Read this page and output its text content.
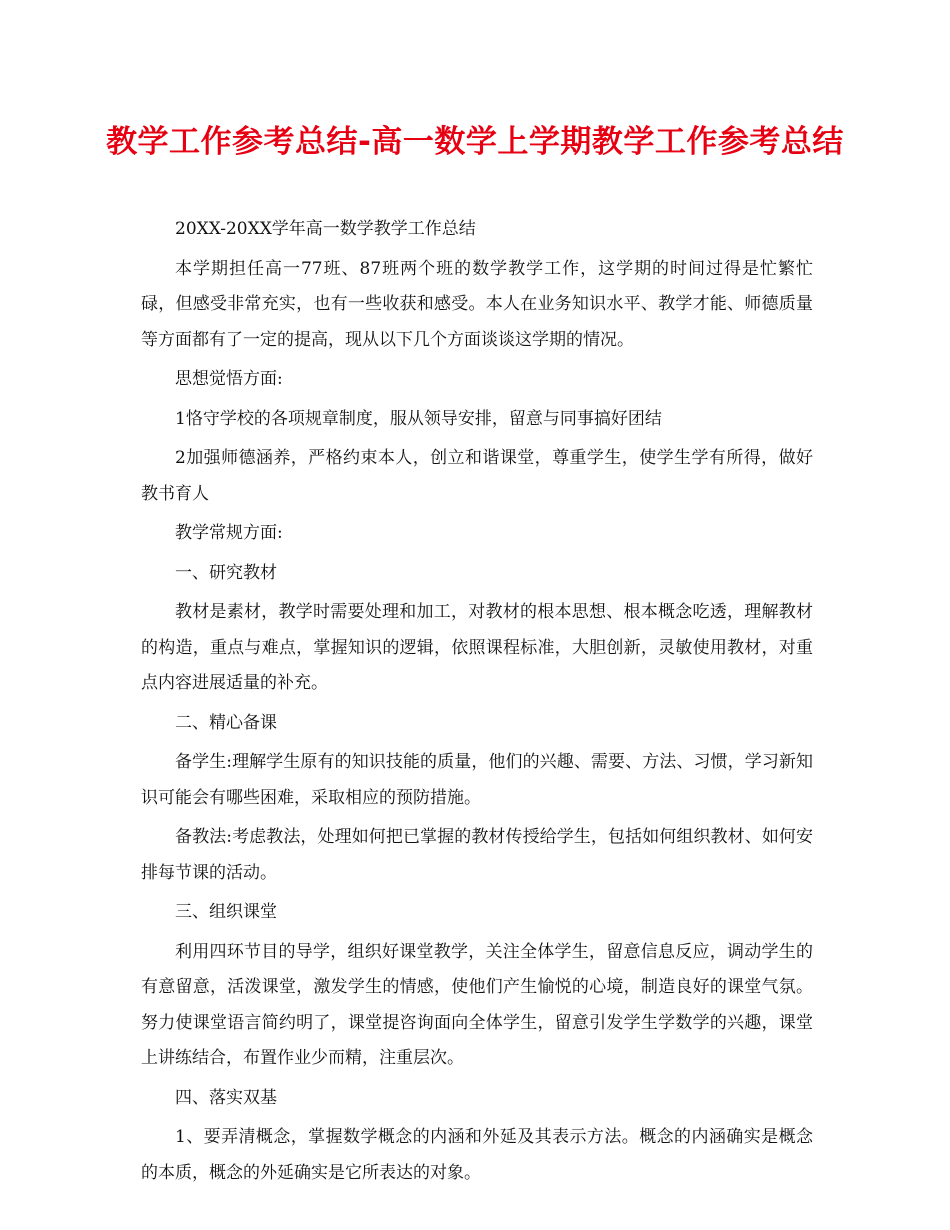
教学工作参考总结-高一数学上学期教学工作参考总结

20XX-20XX学年高一数学教学工作总结

本学期担任高一77班、87班两个班的数学教学工作，这学期的时间过得是忙繁忙碌，但感受非常充实，也有一些收获和感受。本人在业务知识水平、教学才能、师德质量等方面都有了一定的提高，现从以下几个方面谈谈这学期的情况。

思想觉悟方面:

1恪守学校的各项规章制度，服从领导安排，留意与同事搞好团结

2加强师德涵养，严格约束本人，创立和谐课堂，尊重学生，使学生学有所得，做好教书育人

教学常规方面:

一、研究教材

教材是素材，教学时需要处理和加工，对教材的根本思想、根本概念吃透，理解教材的构造，重点与难点，掌握知识的逻辑，依照课程标准，大胆创新，灵敏使用教材，对重点内容进展适量的补充。

二、精心备课

备学生:理解学生原有的知识技能的质量，他们的兴趣、需要、方法、习惯，学习新知识可能会有哪些困难，采取相应的预防措施。

备教法:考虑教法，处理如何把已掌握的教材传授给学生，包括如何组织教材、如何安排每节课的活动。

三、组织课堂

利用四环节目的导学，组织好课堂教学，关注全体学生，留意信息反应，调动学生的有意留意，活泼课堂，激发学生的情感，使他们产生愉悦的心境，制造良好的课堂气氛。努力使课堂语言简约明了，课堂提咨询面向全体学生，留意引发学生学数学的兴趣，课堂上讲练结合，布置作业少而精，注重层次。

四、落实双基

1、要弄清概念，掌握数学概念的内涵和外延及其表示方法。概念的内涵确实是概念的本质，概念的外延确实是它所表达的对象。
